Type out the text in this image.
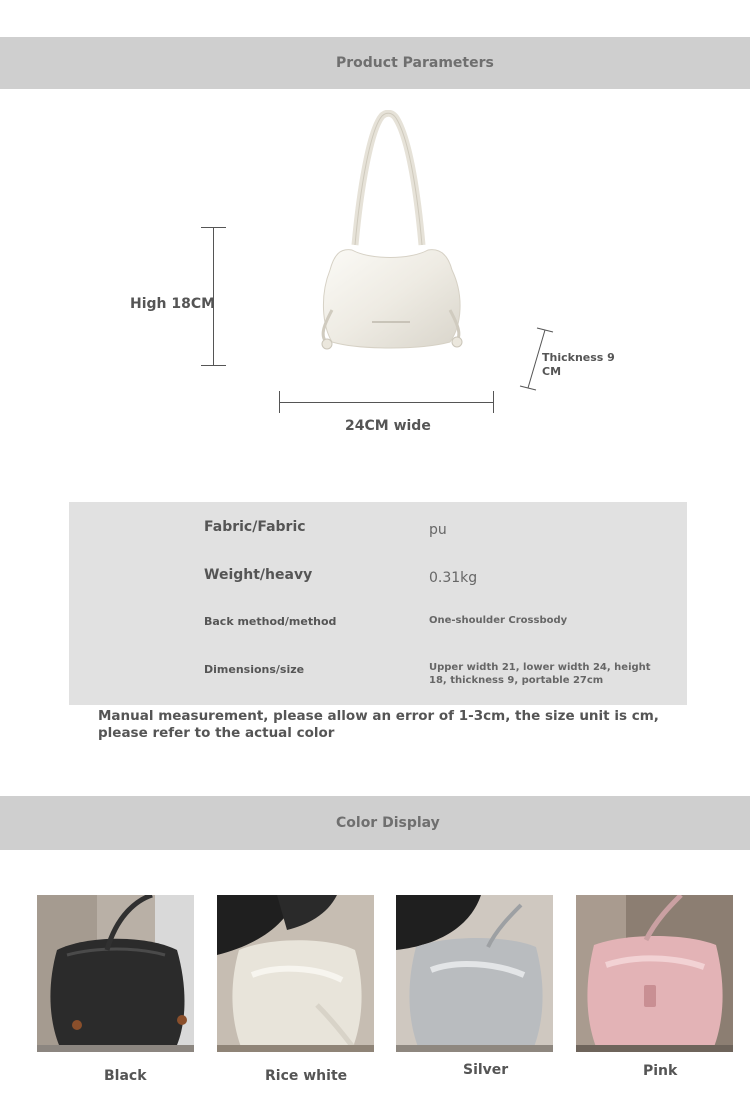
Product Parameters
High 18CM
24CM wide
Thickness 9 CM
Fabric/Fabric	pu
Weight/heavy	0.31kg
Back method/method	One-shoulder Crossbody
Dimensions/size	Upper width 21, lower width 24, height 18, thickness 9, portable 27cm
Manual measurement, please allow an error of 1-3cm, the size unit is cm, please refer to the actual color
Color Display
Black	Rice white	Silver	Pink
